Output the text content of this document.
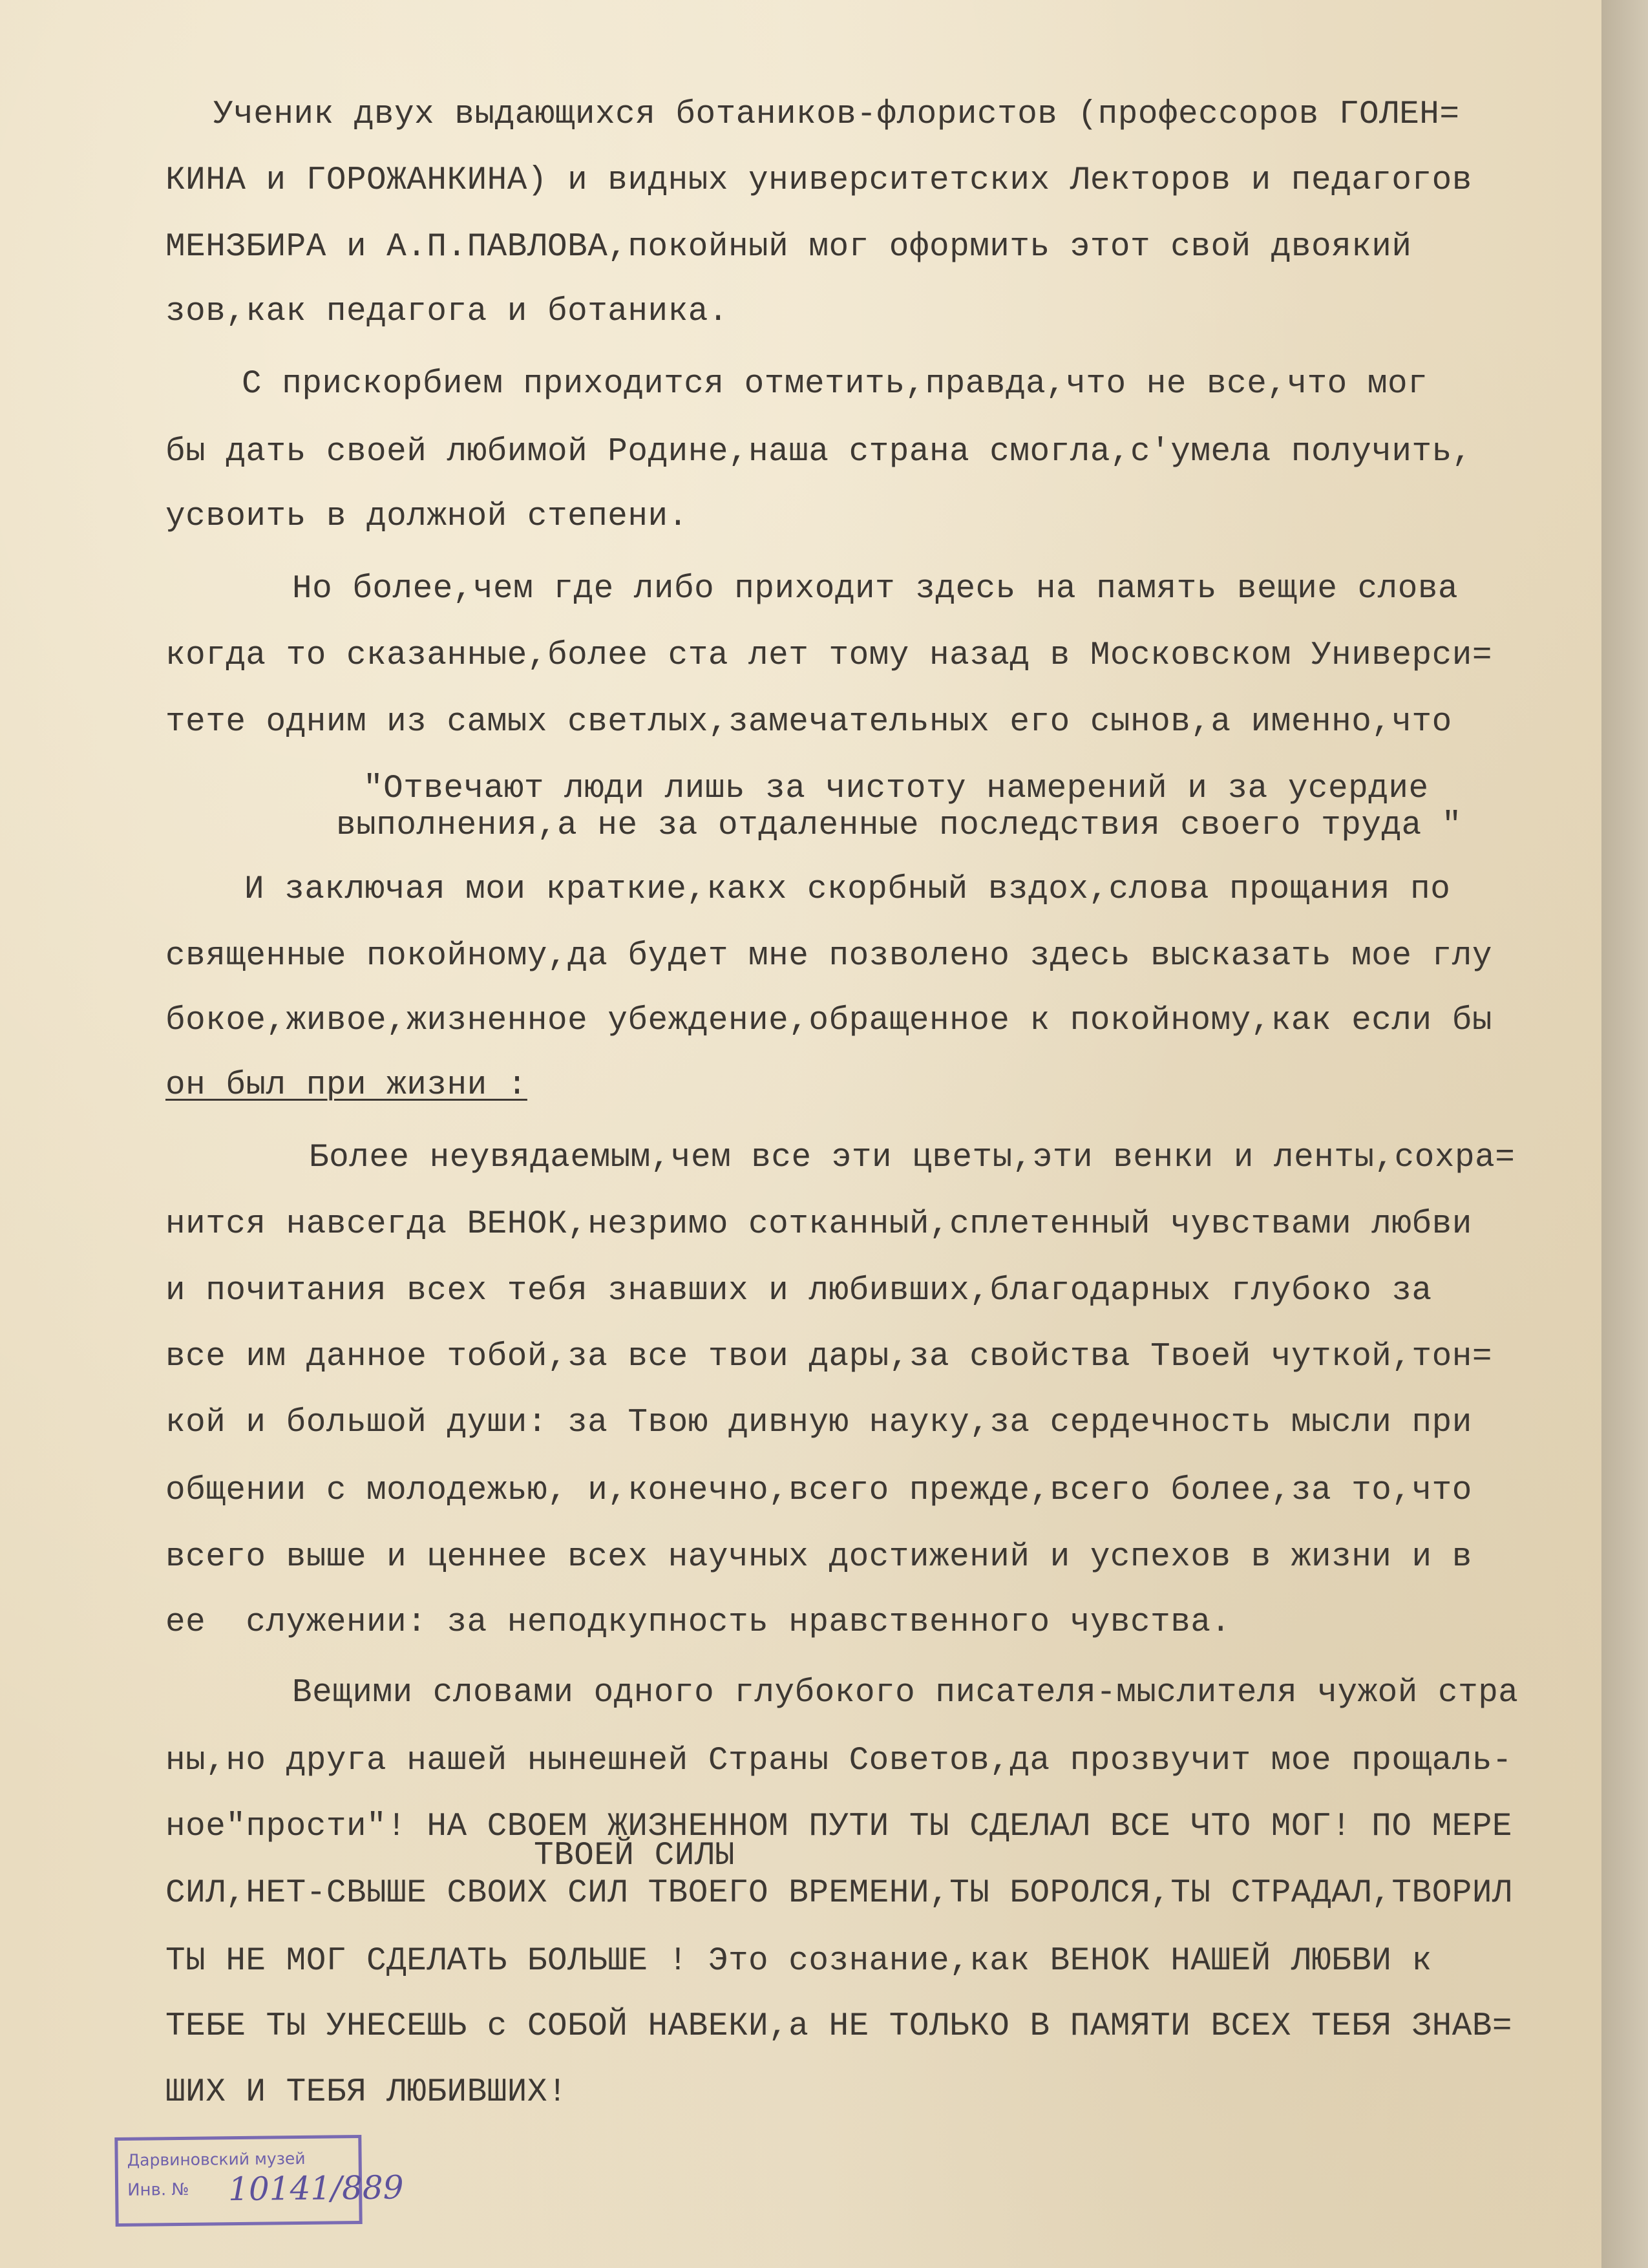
Ученик двух выдающихся ботаников-флористов (профессоров ГОЛЕН=

КИНА и ГОРОЖАНКИНА) и видных университетских Лекторов и педагогов

МЕНЗБИРА и А.П.ПАВЛОВА,покойный мог оформить этот свой двоякий

зов,как педагога и ботаника.

С прискорбием приходится отметить,правда,что не все,что мог

бы дать своей любимой Родине,наша страна смогла,с'умела получить,

усвоить в должной степени.

Но более,чем где либо приходит здесь на память вещие слова

когда то сказанные,более ста лет тому назад в Московском Универси=

тете одним из самых светлых,замечательных его сынов,а именно,что

"Отвечают люди лишь за чистоту намерений и за усердие

выполнения,а не за отдаленные последствия своего труда "

И заключая мои краткие,какх скорбный вздох,слова прощания по

священные покойному,да будет мне позволено здесь высказать мое глу

бокое,живое,жизненное убеждение,обращенное к покойному,как если бы

он был при жизни :

Более неувядаемым,чем все эти цветы,эти венки и ленты,сохра=

нится навсегда ВЕНОК,незримо сотканный,сплетенный чувствами любви

и почитания всех тебя знавших и любивших,благодарных глубоко за

все им данное тобой,за все твои дары,за свойства Твоей чуткой,тон=

кой и большой души: за Твою дивную науку,за сердечность мысли при

общении с молодежью, и,конечно,всего прежде,всего более,за то,что

всего выше и ценнее всех научных достижений и успехов в жизни и в

ее  служении: за неподкупность нравственного чувства.

Вещими словами одного глубокого писателя-мыслителя чужой стра

ны,но друга нашей нынешней Страны Советов,да прозвучит мое прощаль-

ное"прости"! НА СВОЕМ ЖИЗНЕННОМ ПУТИ ТЫ СДЕЛАЛ ВСЕ ЧТО МОГ! ПО МЕРЕ

ТВОЕЙ СИЛЫ

СИЛ,НЕТ-СВЫШЕ СВОИХ СИЛ ТВОЕГО ВРЕМЕНИ,ТЫ БОРОЛСЯ,ТЫ СТРАДАЛ,ТВОРИЛ

ТЫ НЕ МОГ СДЕЛАТЬ БОЛЬШЕ ! Это сознание,как ВЕНОК НАШЕЙ ЛЮБВИ к

ТЕБЕ ТЫ УНЕСЕШЬ с СОБОЙ НАВЕКИ,а НЕ ТОЛЬКО В ПАМЯТИ ВСЕХ ТЕБЯ ЗНАВ=

ШИХ И ТЕБЯ ЛЮБИВШИХ!

Дарвиновский музей
Инв. № 10141/889
